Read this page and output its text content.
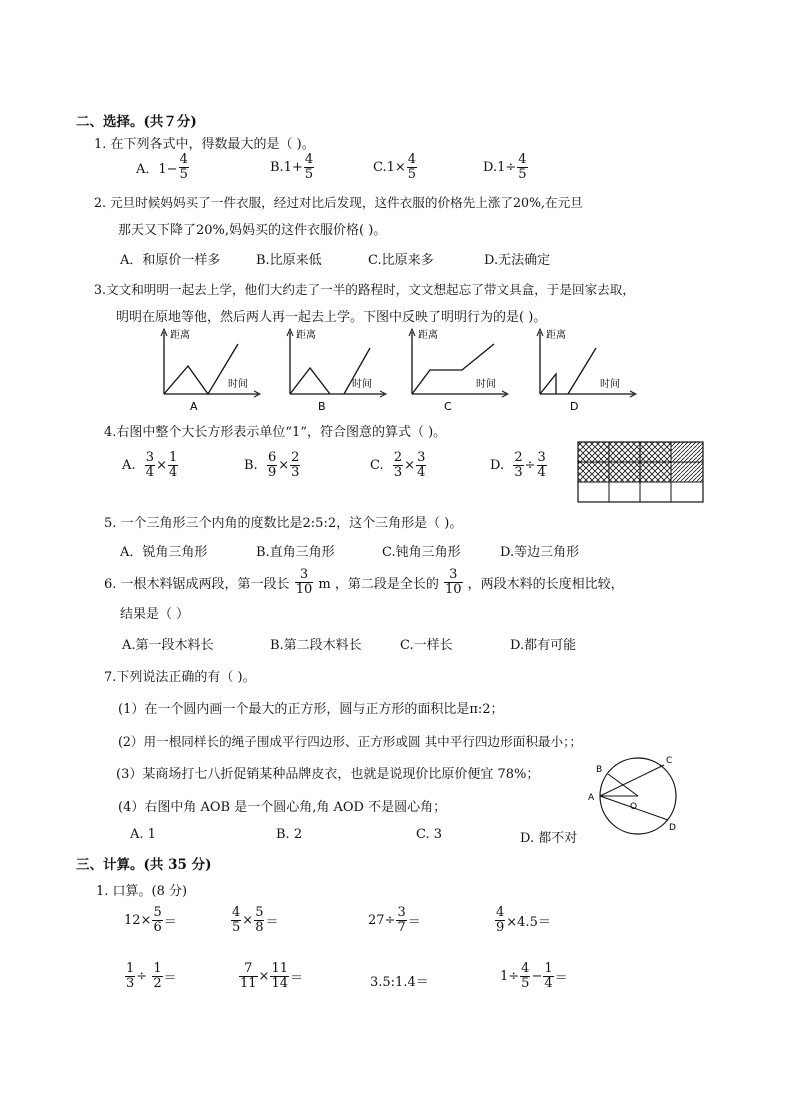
二、选择。(共７分)
1. 在下列各式中，得数最大的是（ )。
A．$1- \frac{4}{5}$	$B.1+ \frac{4}{5}$	$C.1\times \frac{4}{5}$	$D.1\div \frac{4}{5}$
2. 元旦时候妈妈买了一件衣服，经过对比后发现，这件衣服的价格先上涨了20%,在元旦
那天又下降了20%,妈妈买的这件衣服价格( )。
A．和原价一样多	B.比原来低	C.比原来多	D.无法确定
3.文文和明明一起去上学，他们大约走了一半的路程时，文文想起忘了带文具盒，于是回家去取，
明明在原地等他，然后两人再一起去上学。下图中反映了明明行为的是( )。
距离
时间
A
距离
时间
B
距离
时间
C
距离
时间
D
4.右图中整个大长方形表示单位“1”，符合图意的算式（ )。
A.
$\frac{3}{4} \times \frac{1}{4}$	B.
$\frac{6}{9} \times \frac{2}{3}$	C.
$\frac{2}{3} \times \frac{3}{4}$	D.
$\frac{2}{3} \div \frac{3}{4}$
5. 一个三角形三个内角的度数比是2:5:2，这个三角形是（ )。
A．锐角三角形	B.直角三角形	C.钝角三角形	D.等边三角形
6. 一根木料锯成两段，第一段长
$\frac{3}{10}$
m ，第二段是全长的
$\frac{3}{10}$
，两段木料的长度相比较，
结果是（ ）
A.第一段木料长	B.第二段木料长	C.一样长	D.都有可能
7.下列说法正确的有（ )。
(1）在一个圆内画一个最大的正方形，圆与正方形的面积比是π:2；
(2）用一根同样长的绳子围成平行四边形、正方形或圆 其中平行四边形面积最小；；
(3）某商场打七八折促销某种品牌皮衣，也就是说现价比原价便宜 78%；
(4）右图中角 AOB 是一个圆心角,角 AOD 不是圆心角；
A. 1	B. 2	C. 3	D. 都不对
B
A
C
D
O
三、计算。(共 35 分)
1. 口算。(8 分)
$12\times \frac{5}{6}$ ＝	$\frac{4}{5} \times \frac{5}{8}$ ＝	$27\div \frac{3}{7}$ ＝	$\frac{4}{9} \times 4.5=$
$\frac{1}{3}$ ÷
$\frac{1}{2}$ ＝	$\frac{7}{11} \times \frac{11}{14}$ ＝	3.5:1.4＝	$1\div \frac{4}{5} - \frac{1}{4}$ ＝
